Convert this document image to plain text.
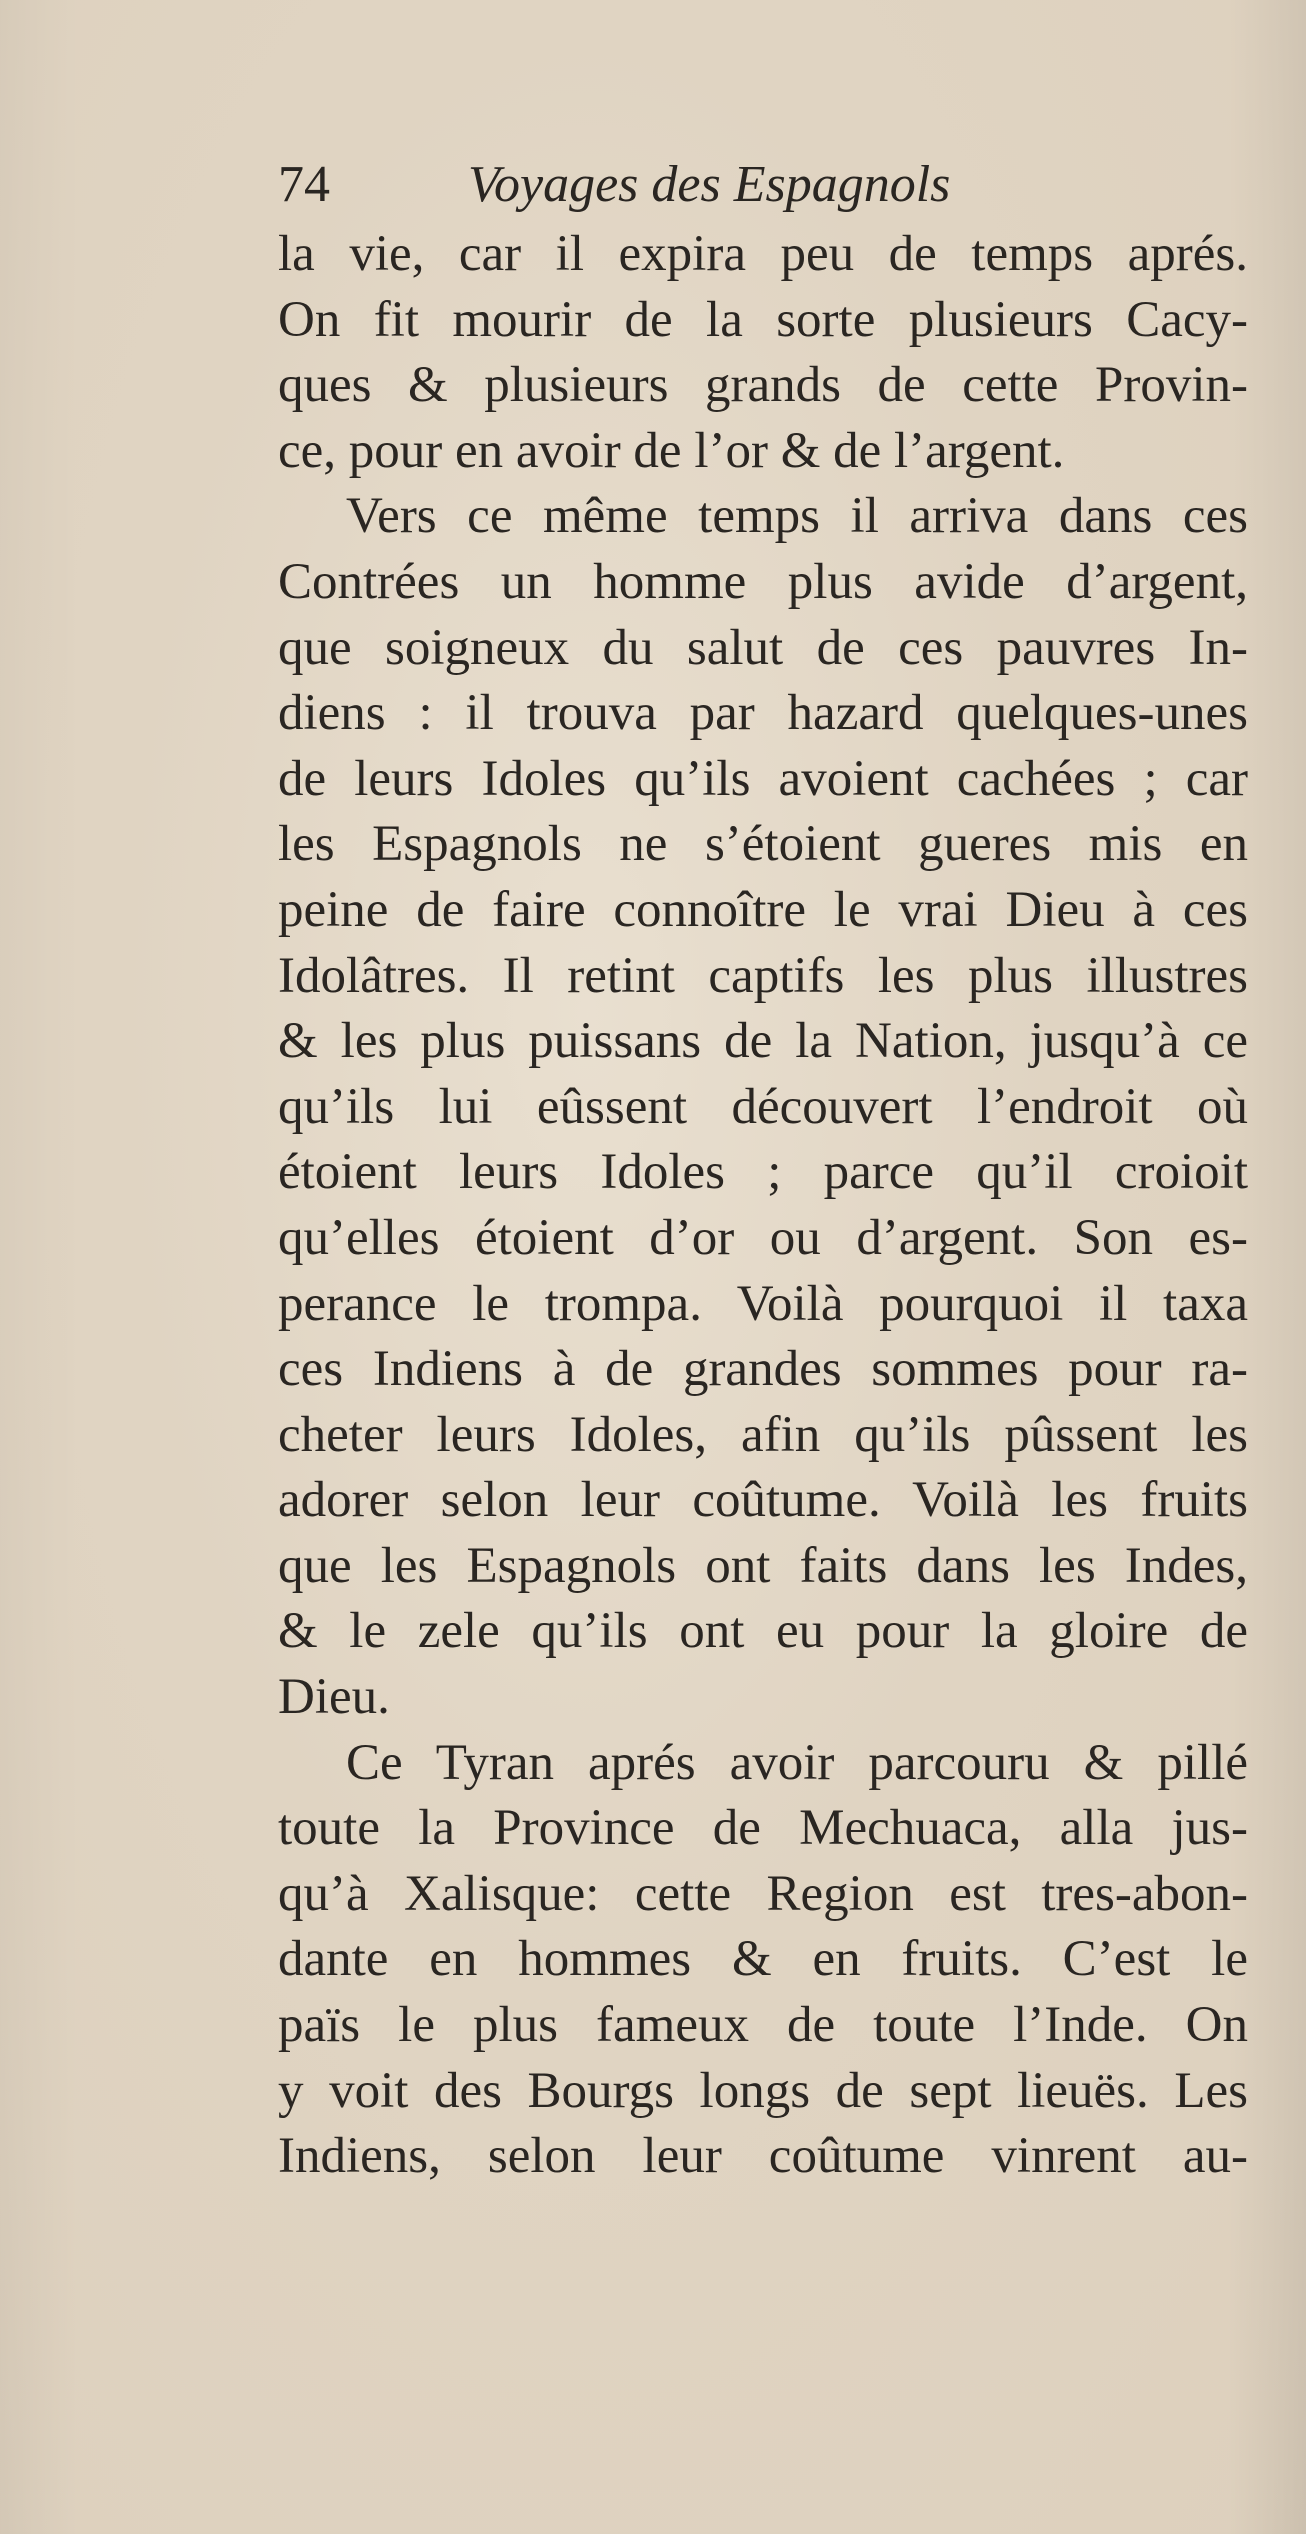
74	Voyages des Espagnols
la vie, car il expira peu de temps aprés.
On fit mourir de la sorte plusieurs Cacy-
ques & plusieurs grands de cette Provin-
ce, pour en avoir de l’or & de l’argent.
Vers ce même temps il arriva dans ces
Contrées un homme plus avide d’argent,
que soigneux du salut de ces pauvres In-
diens : il trouva par hazard quelques-unes
de leurs Idoles qu’ils avoient cachées ; car
les Espagnols ne s’étoient gueres mis en
peine de faire connoître le vrai Dieu à ces
Idolâtres. Il retint captifs les plus illustres
& les plus puissans de la Nation, jusqu’à ce
qu’ils lui eûssent découvert l’endroit où
étoient leurs Idoles ; parce qu’il croioit
qu’elles étoient d’or ou d’argent. Son es-
perance le trompa. Voilà pourquoi il taxa
ces Indiens à de grandes sommes pour ra-
cheter leurs Idoles, afin qu’ils pûssent les
adorer selon leur coûtume. Voilà les fruits
que les Espagnols ont faits dans les Indes,
& le zele qu’ils ont eu pour la gloire de
Dieu.
Ce Tyran aprés avoir parcouru & pillé
toute la Province de Mechuaca, alla jus-
qu’à Xalisque: cette Region est tres-abon-
dante en hommes & en fruits. C’est le
païs le plus fameux de toute l’Inde. On
y voit des Bourgs longs de sept lieuës. Les
Indiens, selon leur coûtume vinrent au-
